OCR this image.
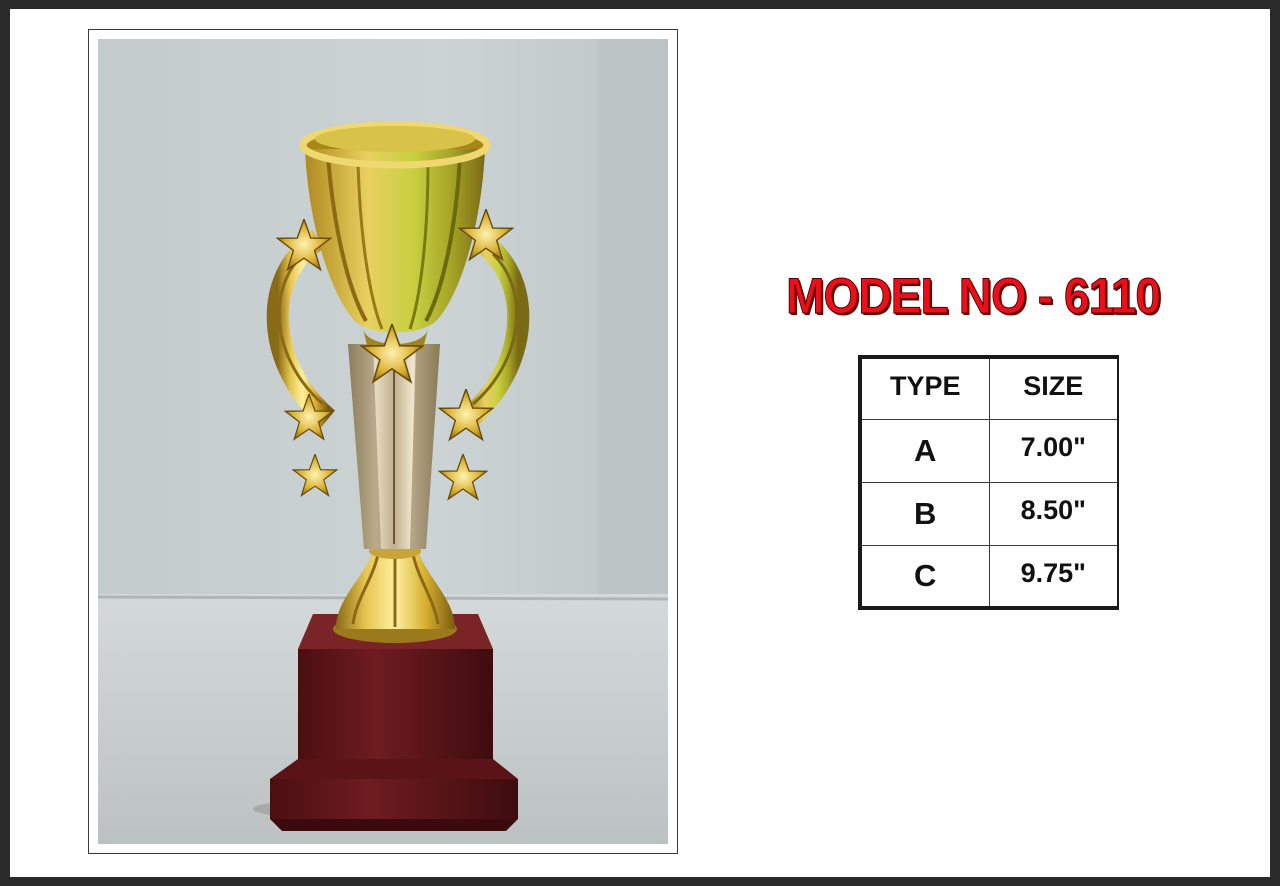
MODEL NO - 6110
TYPE	SIZE
A	7.00"
B	8.50"
C	9.75"
